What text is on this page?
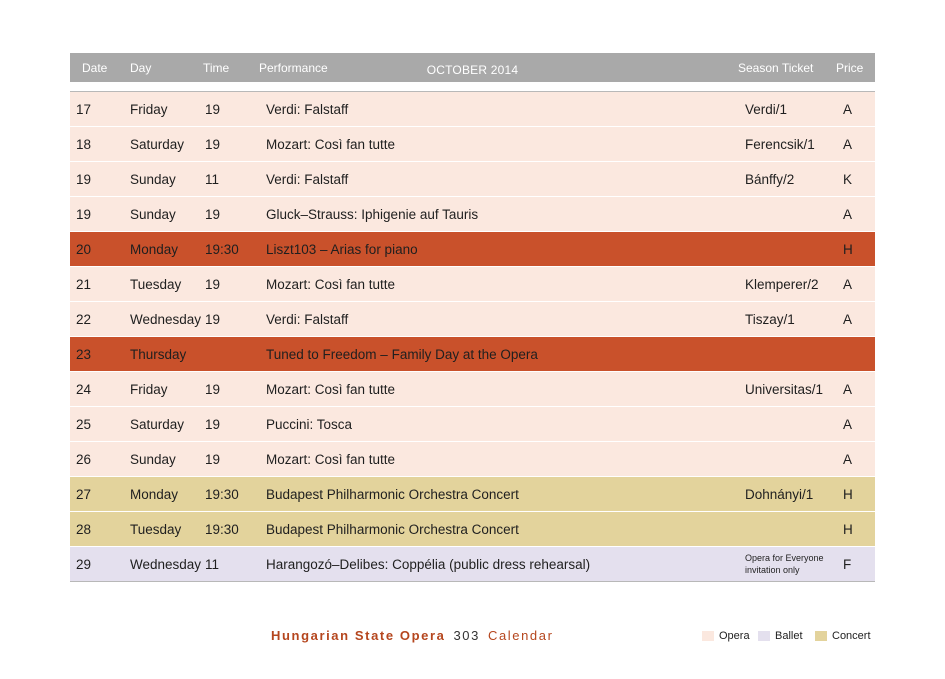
Date Day	Time Performance	OCTOBER 2014	Season Ticket Price
17	Friday	19	Verdi: Falstaff	Verdi/1	A
18	Saturday 19	Mozart: Così fan tutte	Ferencsik/1 A
19	Sunday 11	Verdi: Falstaff	Bánffy/2	K
19	Sunday 19	Gluck–Strauss: Iphigenie auf Tauris	A
20	Monday 19:30 Liszt103 – Arias for piano	H
21	Tuesday 19	Mozart: Così fan tutte	Klemperer/2 A
22	Wednesday 19	Verdi: Falstaff	Tiszay/1	A
23	Thursday	Tuned to Freedom – Family Day at the Opera
24	Friday	19	Mozart: Così fan tutte	Universitas/1 A
25	Saturday 19	Puccini: Tosca	A
26	Sunday 19	Mozart: Così fan tutte	A
27	Monday 19:30 Budapest Philharmonic Orchestra Concert	Dohnányi/1 H
28	Tuesday 19:30 Budapest Philharmonic Orchestra Concert	H
29	Wednesday 11	Harangozó–Delibes: Coppélia (public dress rehearsal)	Opera for Everyone invitation only	F
Hungarian State Opera 303 Calendar	Opera Ballet	Concert
